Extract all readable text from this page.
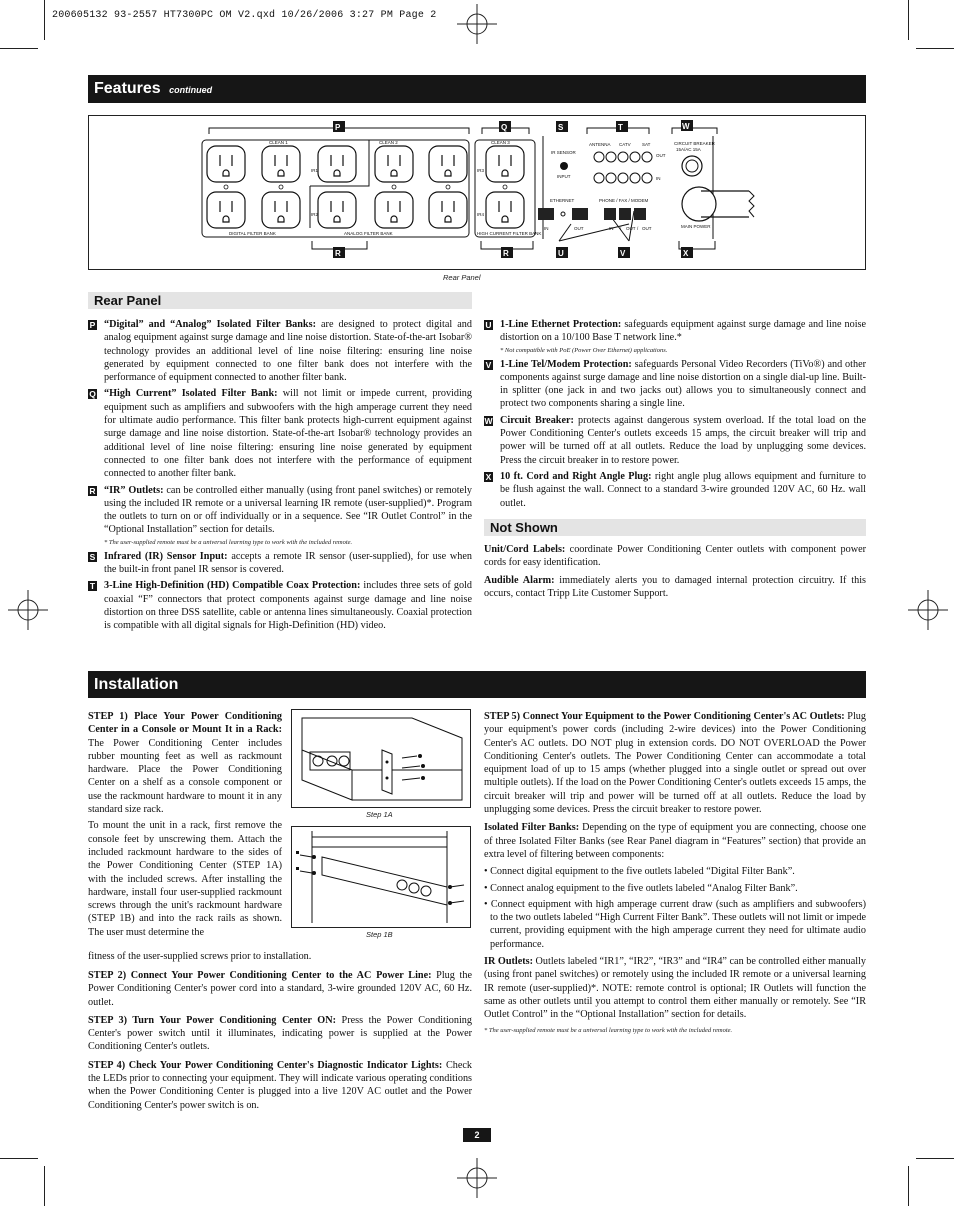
200605132 93-2557 HT7300PC OM V2.qxd 10/26/2006 3:27 PM Page 2
Features continued
CLEAN 1	CLEAN 2	CLEAN 3
DIGITAL FILTER BANK	ANALOG FILTER BANK	HIGH CURRENT FILTER BANK
IR1
IR2
IR3
IR4
IR SENSOR
INPUT
ANTENNA CATV	SAT
OUT
IN
ETHERNET
IN	OUT
PHONE / FAX / MODEM
IN / OUT / OUT
CIRCUIT BREAKER
15A/AC 15A
MAIN POWER
P	Q	S	T	W
R	R	U	V	X
Rear Panel
Rear Panel
P “Digital” and “Analog” Isolated Filter Banks: are designed to protect digital and analog equipment against surge damage and line noise distortion. State-of-the-art Isobar® technology provides an additional level of line noise filtering: ensuring line noise generated by equipment connected to one filter bank does not interfere with the performance of equipment connected to another filter bank.
Q “High Current” Isolated Filter Bank: will not limit or impede current, providing equipment such as amplifiers and subwoofers with the high amperage current they need for ultimate audio performance. This filter bank protects high-current equipment against surge damage and line noise distortion. State-of-the-art Isobar® technology provides an additional level of line noise filtering: ensuring line noise generated by equipment connected to one filter bank does not interfere with the performance of equipment connected to another filter bank.
R “IR” Outlets: can be controlled either manually (using front panel switches) or remotely using the included IR remote or a universal learning IR remote (user-supplied)*. Program the outlets to turn on or off individually or in a sequence. See “IR Outlet Control” in the “Optional Installation” section for details.
* The user-supplied remote must be a universal learning type to work with the included remote.
S Infrared (IR) Sensor Input: accepts a remote IR sensor (user-supplied), for use when the built-in front panel IR sensor is covered.
T 3-Line High-Definition (HD) Compatible Coax Protection: includes three sets of gold coaxial “F” connectors that protect components against surge damage and line noise distortion on three DSS satellite, cable or antenna lines simultaneously. Coaxial protection is compatible with all digital signals for High-Definition (HD) video.
U 1-Line Ethernet Protection: safeguards equipment against surge damage and line noise distortion on a 10/100 Base T network line.*
* Not compatible with PoE (Power Over Ethernet) applications.
V 1-Line Tel/Modem Protection: safeguards Personal Video Recorders (TiVo®) and other components against surge damage and line noise distortion on a single dial-up line. Built-in splitter (one jack in and two jacks out) allows you to simultaneously connect and protect two components sharing a single line.
W Circuit Breaker: protects against dangerous system overload. If the total load on the Power Conditioning Center's outlets exceeds 15 amps, the circuit breaker will trip and power will be turned off at all outlets. Reduce the load by unplugging some devices. Press the circuit breaker in to restore power.
X 10 ft. Cord and Right Angle Plug: right angle plug allows equipment and furniture to be flush against the wall. Connect to a standard 3-wire grounded 120V AC, 60 Hz. wall outlet.
Not Shown
Unit/Cord Labels: coordinate Power Conditioning Center outlets with component power cords for easy identification.
Audible Alarm: immediately alerts you to damaged internal protection circuitry. If this occurs, contact Tripp Lite Customer Support.
Installation
STEP 1) Place Your Power Conditioning Center in a Console or Mount It in a Rack: The Power Conditioning Center includes rubber mounting feet as well as rackmount hardware. Place the Power Conditioning Center on a shelf as a console component or use the rackmount hardware to mount it in any standard size rack.
To mount the unit in a rack, first remove the console feet by unscrewing them. Attach the included rackmount hardware to the sides of the Power Conditioning Center (STEP 1A) with the included screws. After installing the hardware, install four user-supplied rackmount screws through the unit's rackmount hardware (STEP 1B) and into the rack rails as shown. The user must determine the
fitness of the user-supplied screws prior to installation.
Step 1A
Step 1B
STEP 2) Connect Your Power Conditioning Center to the AC Power Line: Plug the Power Conditioning Center's power cord into a standard, 3-wire grounded 120V AC, 60 Hz. outlet.
STEP 3) Turn Your Power Conditioning Center ON: Press the Power Conditioning Center's power switch until it illuminates, indicating power is supplied at the Power Conditioning Center's outlets.
STEP 4) Check Your Power Conditioning Center's Diagnostic Indicator Lights: Check the LEDs prior to connecting your equipment. They will indicate various operating conditions when the Power Conditioning Center is plugged into a live 120V AC outlet and the Power Conditioning Center's power switch is on.
STEP 5) Connect Your Equipment to the Power Conditioning Center's AC Outlets: Plug your equipment's power cords (including 2-wire devices) into the Power Conditioning Center's AC outlets. DO NOT plug in extension cords. DO NOT OVERLOAD the Power Conditioning Center's outlets. The Power Conditioning Center can accommodate a total equipment load of up to 15 amps (whether plugged into a single outlet or spread out over multiple outlets). If the load on the Power Conditioning Center's outlets exceeds 15 amps, the circuit breaker will trip and power will be turned off at all outlets. Reduce the load by unplugging some devices. Press the circuit breaker to restore power.
Isolated Filter Banks: Depending on the type of equipment you are connecting, choose one of three Isolated Filter Banks (see Rear Panel diagram in “Features” section) that provide an extra level of filtering between components:
• Connect digital equipment to the five outlets labeled “Digital Filter Bank”.
• Connect analog equipment to the five outlets labeled “Analog Filter Bank”.
• Connect equipment with high amperage current draw (such as amplifiers and subwoofers) to the two outlets labeled “High Current Filter Bank”. These outlets will not limit or impede current, providing equipment with the high amperage current they need for ultimate audio performance.
IR Outlets: Outlets labeled “IR1”, “IR2”, “IR3” and “IR4” can be controlled either manually (using front panel switches) or remotely using the included IR remote or a universal learning IR remote (user-supplied)*. NOTE: remote control is optional; IR Outlets will function the same as other outlets until you attempt to control them either manually or remotely. See “IR Outlet Control” in the “Optional Installation” section for details.
* The user-supplied remote must be a universal learning type to work with the included remote.
2
